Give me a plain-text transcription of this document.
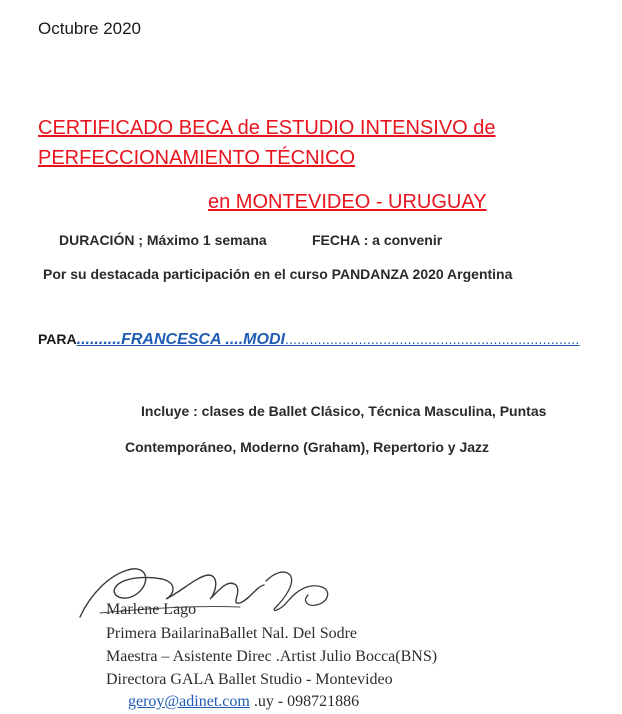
Octubre 2020
CERTIFICADO BECA de ESTUDIO INTENSIVO de
PERFECCIONAMIENTO TÉCNICO
en MONTEVIDEO - URUGUAY
DURACIÓN ; Máximo 1 semana	FECHA : a convenir
Por su destacada participación en el curso PANDANZA 2020 Argentina
PARA..........FRANCESCA ....MODI........................................................................
Incluye : clases de Ballet Clásico, Técnica Masculina, Puntas
Contemporáneo, Moderno (Graham), Repertorio y Jazz
Marlene Lago
Primera BailarinaBallet Nal. Del Sodre
Maestra – Asistente Direc .Artist Julio Bocca(BNS)
Directora GALA Ballet Studio - Montevideo
geroy@adinet.com .uy - 098721886
